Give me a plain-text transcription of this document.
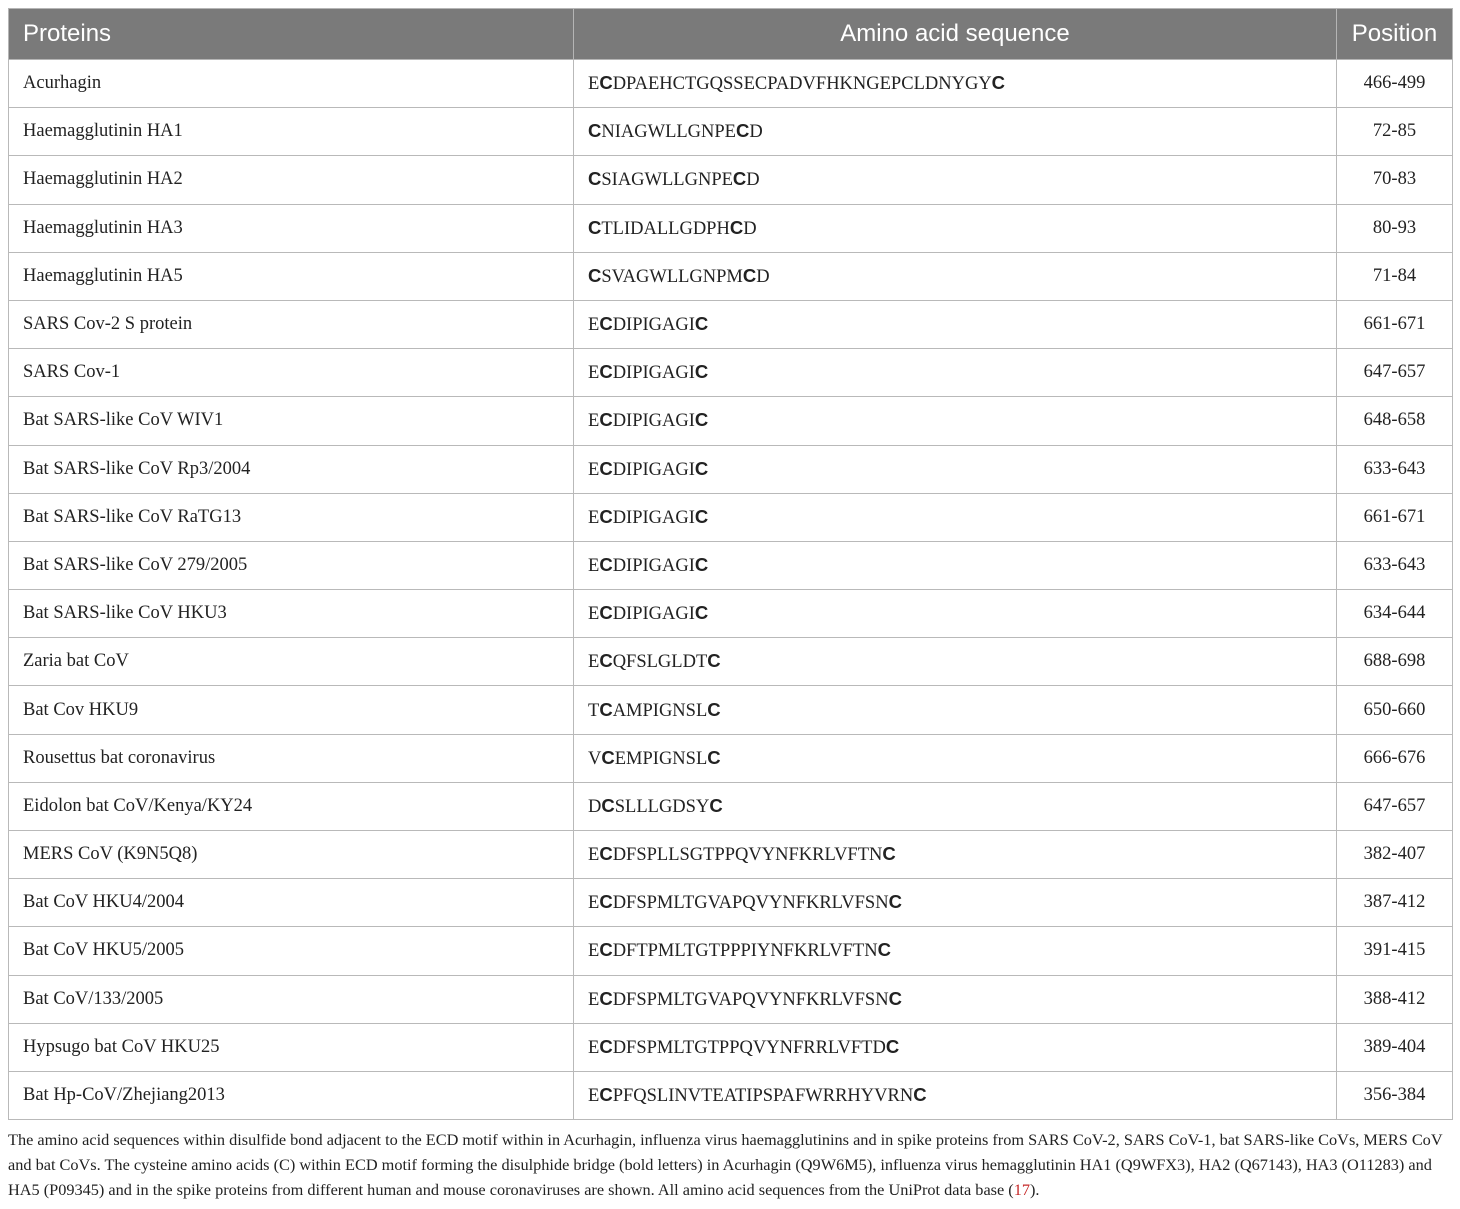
Proteins	Amino acid sequence	Position
Acurhagin	ECDPAEHCTGQSSECPADVFHKNGEPCLDNYGYC	466-499
Haemagglutinin HA1	CNIAGWLLGNPECD	72-85
Haemagglutinin HA2	CSIAGWLLGNPECD	70-83
Haemagglutinin HA3	CTLIDALLGDPHCD	80-93
Haemagglutinin HA5	CSVAGWLLGNPMCD	71-84
SARS Cov-2 S protein	ECDIPIGAGIC	661-671
SARS Cov-1	ECDIPIGAGIC	647-657
Bat SARS-like CoV WIV1	ECDIPIGAGIC	648-658
Bat SARS-like CoV Rp3/2004	ECDIPIGAGIC	633-643
Bat SARS-like CoV RaTG13	ECDIPIGAGIC	661-671
Bat SARS-like CoV 279/2005	ECDIPIGAGIC	633-643
Bat SARS-like CoV HKU3	ECDIPIGAGIC	634-644
Zaria bat CoV	ECQFSLGLDTC	688-698
Bat Cov HKU9	TCAMPIGNSLC	650-660
Rousettus bat coronavirus	VCEMPIGNSLC	666-676
Eidolon bat CoV/Kenya/KY24	DCSLLLGDSYC	647-657
MERS CoV (K9N5Q8)	ECDFSPLLSGTPPQVYNFKRLVFTNC	382-407
Bat CoV HKU4/2004	ECDFSPMLTGVAPQVYNFKRLVFSNC	387-412
Bat CoV HKU5/2005	ECDFTPMLTGTPPPIYNFKRLVFTNC	391-415
Bat CoV/133/2005	ECDFSPMLTGVAPQVYNFKRLVFSNC	388-412
Hypsugo bat CoV HKU25	ECDFSPMLTGTPPQVYNFRRLVFTDC	389-404
Bat Hp-CoV/Zhejiang2013	ECPFQSLINVTEATIPSPAFWRRHYVRNC	356-384
The amino acid sequences within disulfide bond adjacent to the ECD motif within in Acurhagin, influenza virus haemagglutinins and in spike proteins from SARS CoV-2, SARS CoV-1, bat SARS-like CoVs, MERS CoV and bat CoVs. The cysteine amino acids (C) within ECD motif forming the disulphide bridge (bold letters) in Acurhagin (Q9W6M5), influenza virus hemagglutinin HA1 (Q9WFX3), HA2 (Q67143), HA3 (O11283) and HA5 (P09345) and in the spike proteins from different human and mouse coronaviruses are shown. All amino acid sequences from the UniProt data base (17).
